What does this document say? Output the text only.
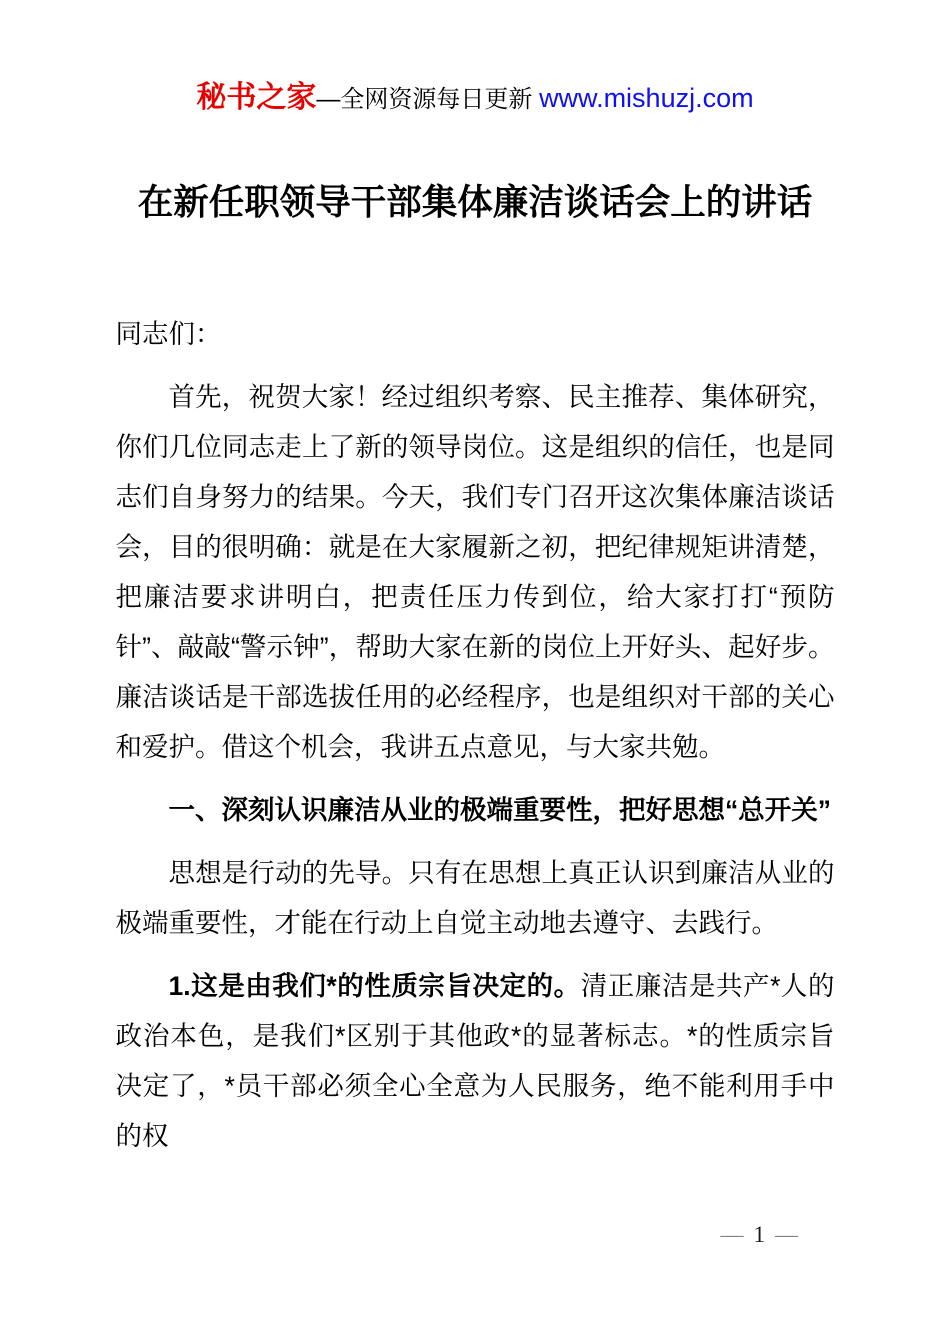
秘书之家—全网资源每日更新 www.mishuzj.com
在新任职领导干部集体廉洁谈话会上的讲话

同志们：

首先，祝贺大家！经过组织考察、民主推荐、集体研究，你们几位同志走上了新的领导岗位。这是组织的信任，也是同志们自身努力的结果。今天，我们专门召开这次集体廉洁谈话会，目的很明确：就是在大家履新之初，把纪律规矩讲清楚，把廉洁要求讲明白，把责任压力传到位，给大家打打“预防针”、敲敲“警示钟”，帮助大家在新的岗位上开好头、起好步。廉洁谈话是干部选拔任用的必经程序，也是组织对干部的关心和爱护。借这个机会，我讲五点意见，与大家共勉。

一、深刻认识廉洁从业的极端重要性，把好思想“总开关”

思想是行动的先导。只有在思想上真正认识到廉洁从业的极端重要性，才能在行动上自觉主动地去遵守、去践行。

1.这是由我们*的性质宗旨决定的。清正廉洁是共产*人的政治本色，是我们*区别于其他政*的显著标志。*的性质宗旨决定了，*员干部必须全心全意为人民服务，绝不能利用手中的权

— 1 —
